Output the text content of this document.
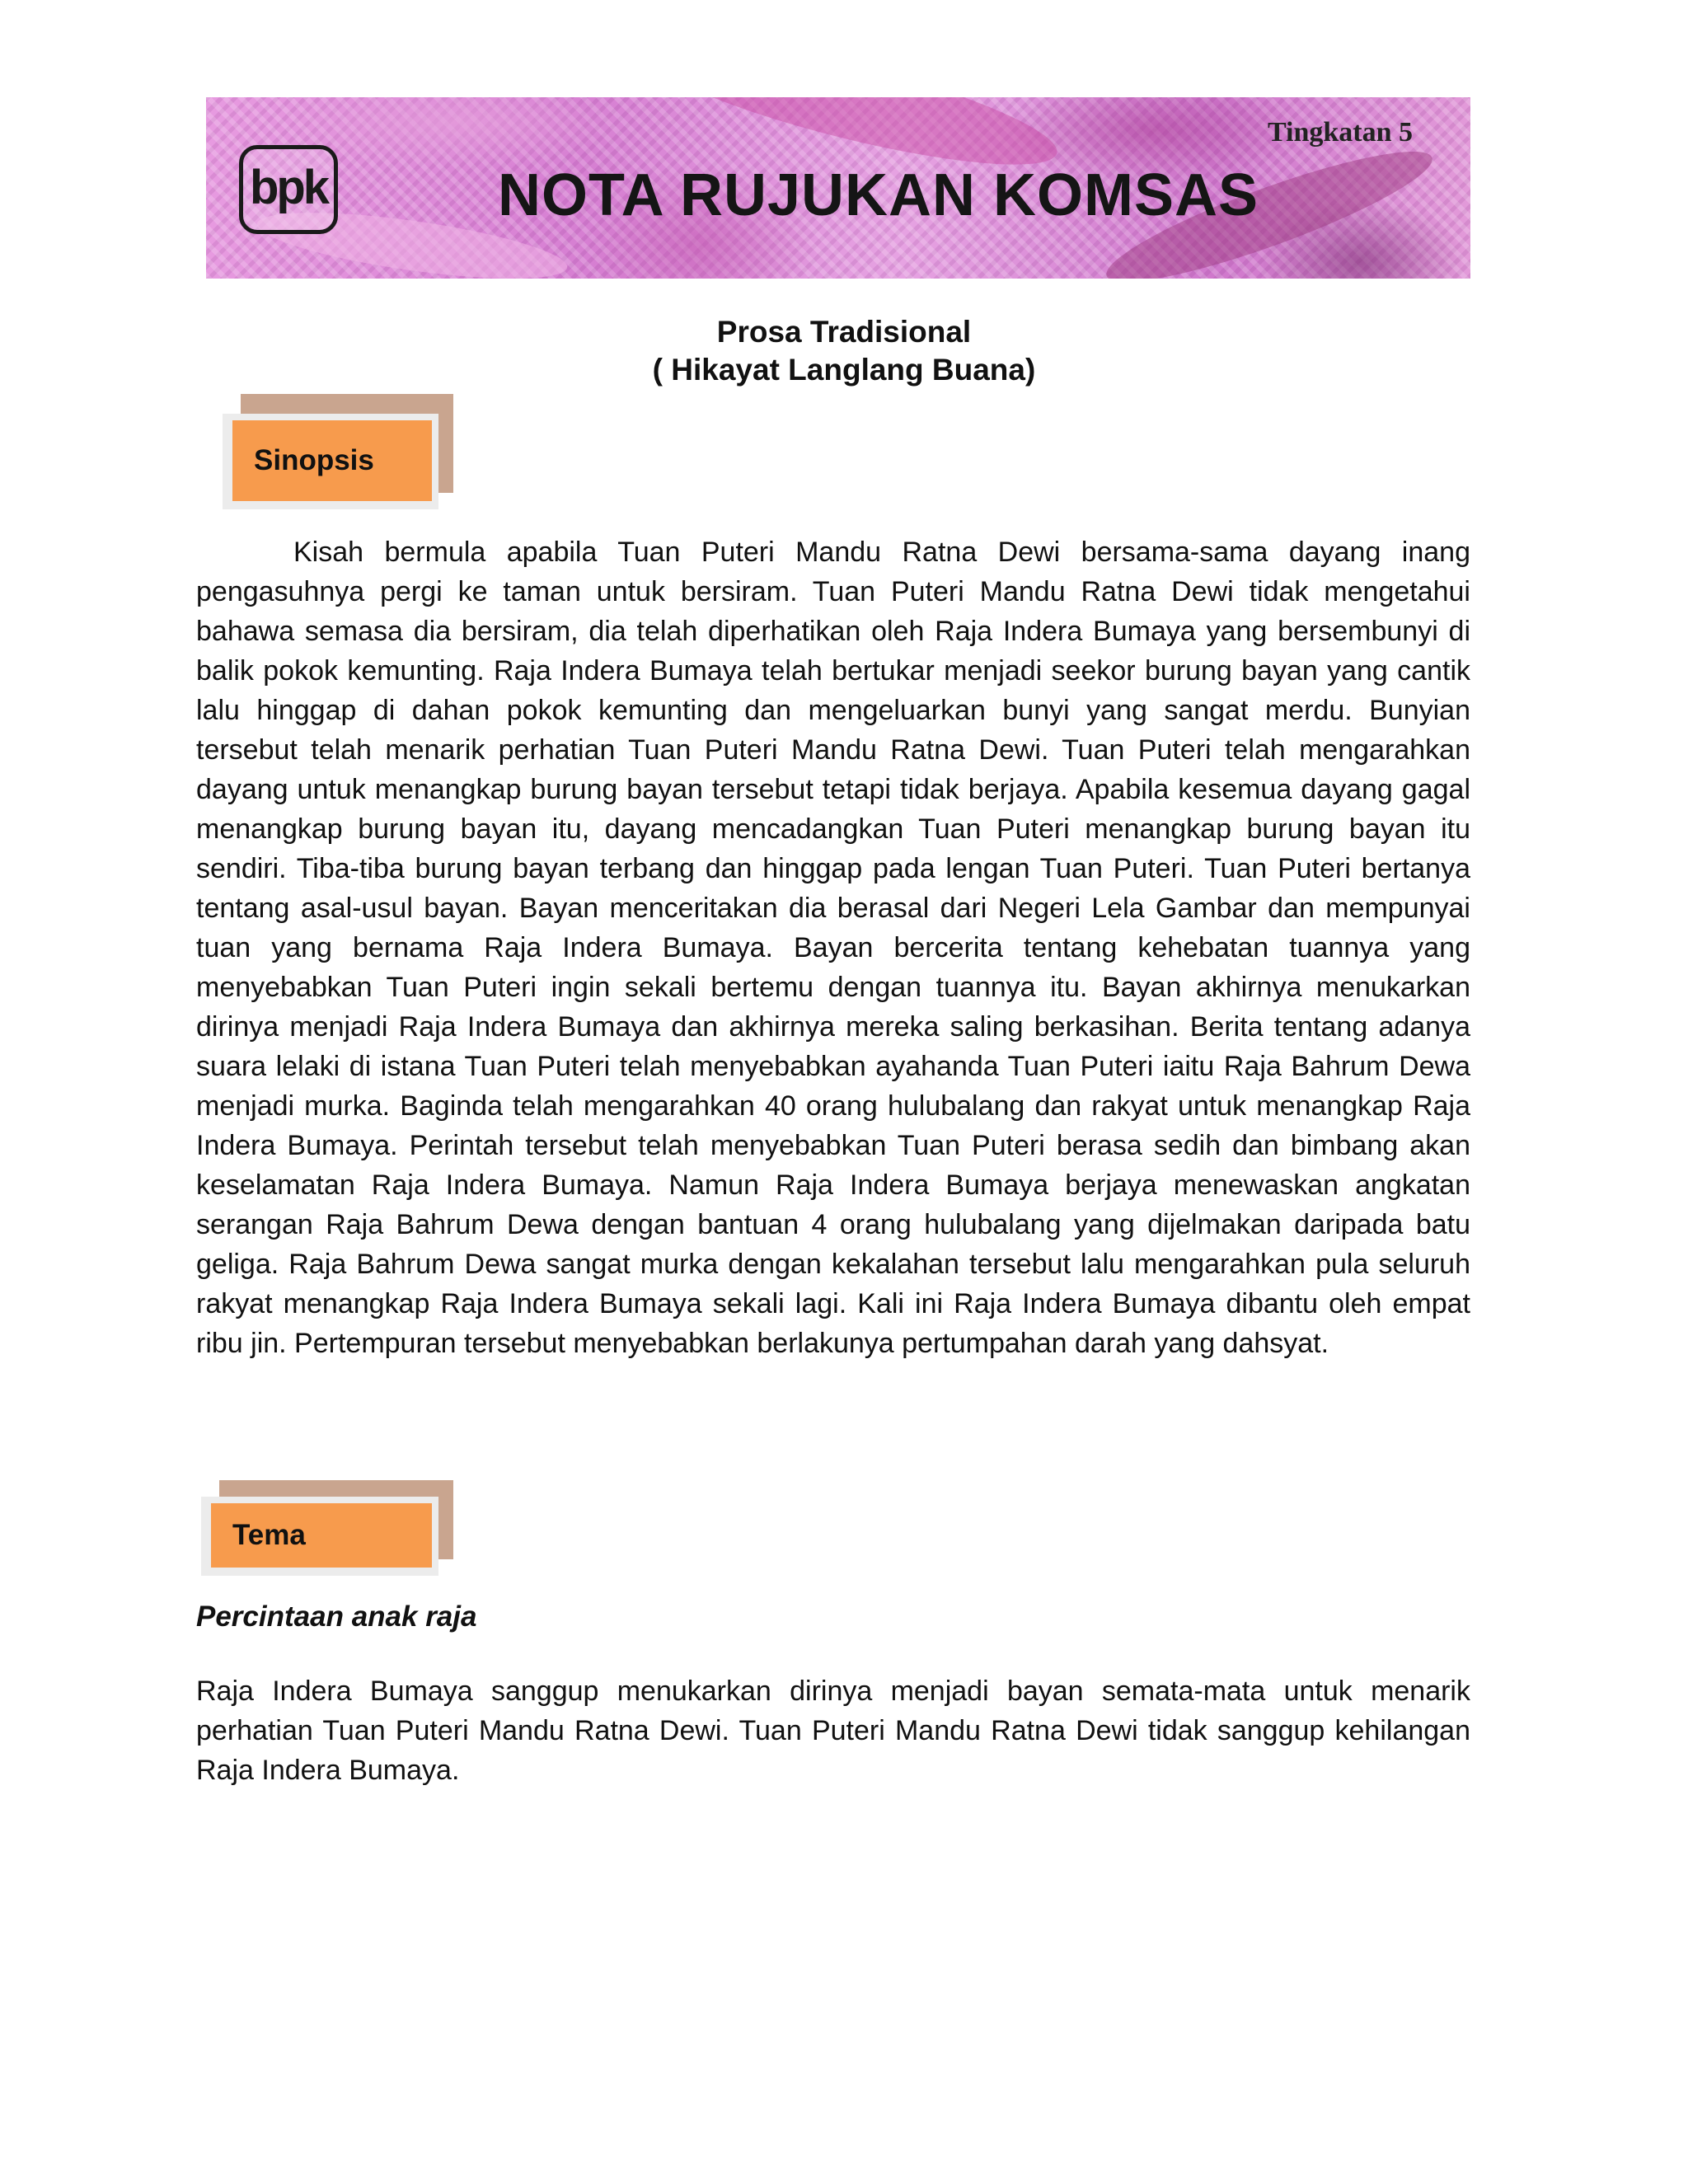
bpk	NOTA RUJUKAN KOMSAS
Tingkatan 5
Prosa Tradisional
( Hikayat Langlang Buana)
Sinopsis
Kisah bermula apabila Tuan Puteri Mandu Ratna Dewi bersama-sama dayang inang pengasuhnya pergi ke taman untuk bersiram. Tuan Puteri Mandu Ratna Dewi tidak mengetahui bahawa semasa dia bersiram, dia telah diperhatikan oleh Raja Indera Bumaya yang bersembunyi di balik pokok kemunting. Raja Indera Bumaya telah bertukar menjadi seekor burung bayan yang cantik lalu hinggap di dahan pokok kemunting dan mengeluarkan bunyi yang sangat merdu. Bunyian tersebut telah menarik perhatian Tuan Puteri Mandu Ratna Dewi. Tuan Puteri telah mengarahkan dayang untuk menangkap burung bayan tersebut tetapi tidak berjaya. Apabila kesemua dayang gagal menangkap burung bayan itu, dayang mencadangkan Tuan Puteri menangkap burung bayan itu sendiri. Tiba-tiba burung bayan terbang dan hinggap pada lengan Tuan Puteri. Tuan Puteri bertanya tentang asal-usul bayan. Bayan menceritakan dia berasal dari Negeri Lela Gambar dan mempunyai tuan yang bernama Raja Indera Bumaya. Bayan bercerita tentang kehebatan tuannya yang menyebabkan Tuan Puteri ingin sekali bertemu dengan tuannya itu. Bayan akhirnya menukarkan dirinya menjadi Raja Indera Bumaya dan akhirnya mereka saling berkasihan. Berita tentang adanya suara lelaki di istana Tuan Puteri telah menyebabkan ayahanda Tuan Puteri iaitu Raja Bahrum Dewa menjadi murka. Baginda telah mengarahkan 40 orang hulubalang dan rakyat untuk menangkap Raja Indera Bumaya. Perintah tersebut telah menyebabkan Tuan Puteri berasa sedih dan bimbang akan keselamatan Raja Indera Bumaya. Namun Raja Indera Bumaya berjaya menewaskan angkatan serangan Raja Bahrum Dewa dengan bantuan 4 orang hulubalang yang dijelmakan daripada batu geliga. Raja Bahrum Dewa sangat murka dengan kekalahan tersebut lalu mengarahkan pula seluruh rakyat menangkap Raja Indera Bumaya sekali lagi. Kali ini Raja Indera Bumaya dibantu oleh empat ribu jin. Pertempuran tersebut menyebabkan berlakunya pertumpahan darah yang dahsyat.
Tema
Percintaan anak raja
Raja Indera Bumaya sanggup menukarkan dirinya menjadi bayan semata-mata untuk menarik perhatian Tuan Puteri Mandu Ratna Dewi. Tuan Puteri Mandu Ratna Dewi tidak sanggup kehilangan Raja Indera Bumaya.
